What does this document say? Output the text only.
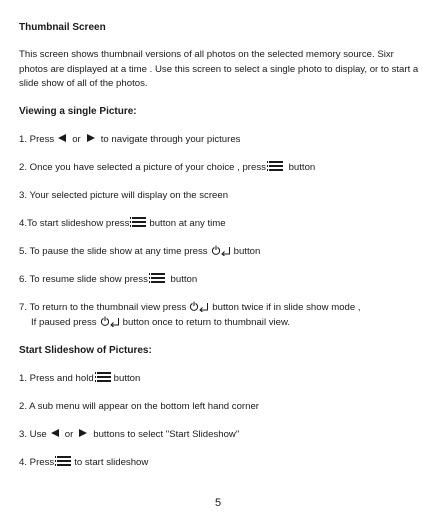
Thumbnail Screen
This screen shows thumbnail versions of all photos on the selected memory source. Sixr photos are displayed at a time . Use this screen to select a single photo to display, or to start a slide show of all of the photos.
Viewing a single Picture:
1. Press or to navigate through your pictures
2. Once you have selected a picture of your choice , press button
3. Your selected picture will display on the screen
4.To start slideshow press button at any time
5. To pause the slide show at any time press	button
6. To resume slide show press button
7. To return to the thumbnail view press	button twice if in slide show mode ,
If paused press	button once to return to thumbnail view.
Start Slideshow of Pictures:
1. Press and hold button
2. A sub menu will appear on the bottom left hand corner
3. Use or buttons to select "Start Slideshow"
4. Press to start slideshow
5
